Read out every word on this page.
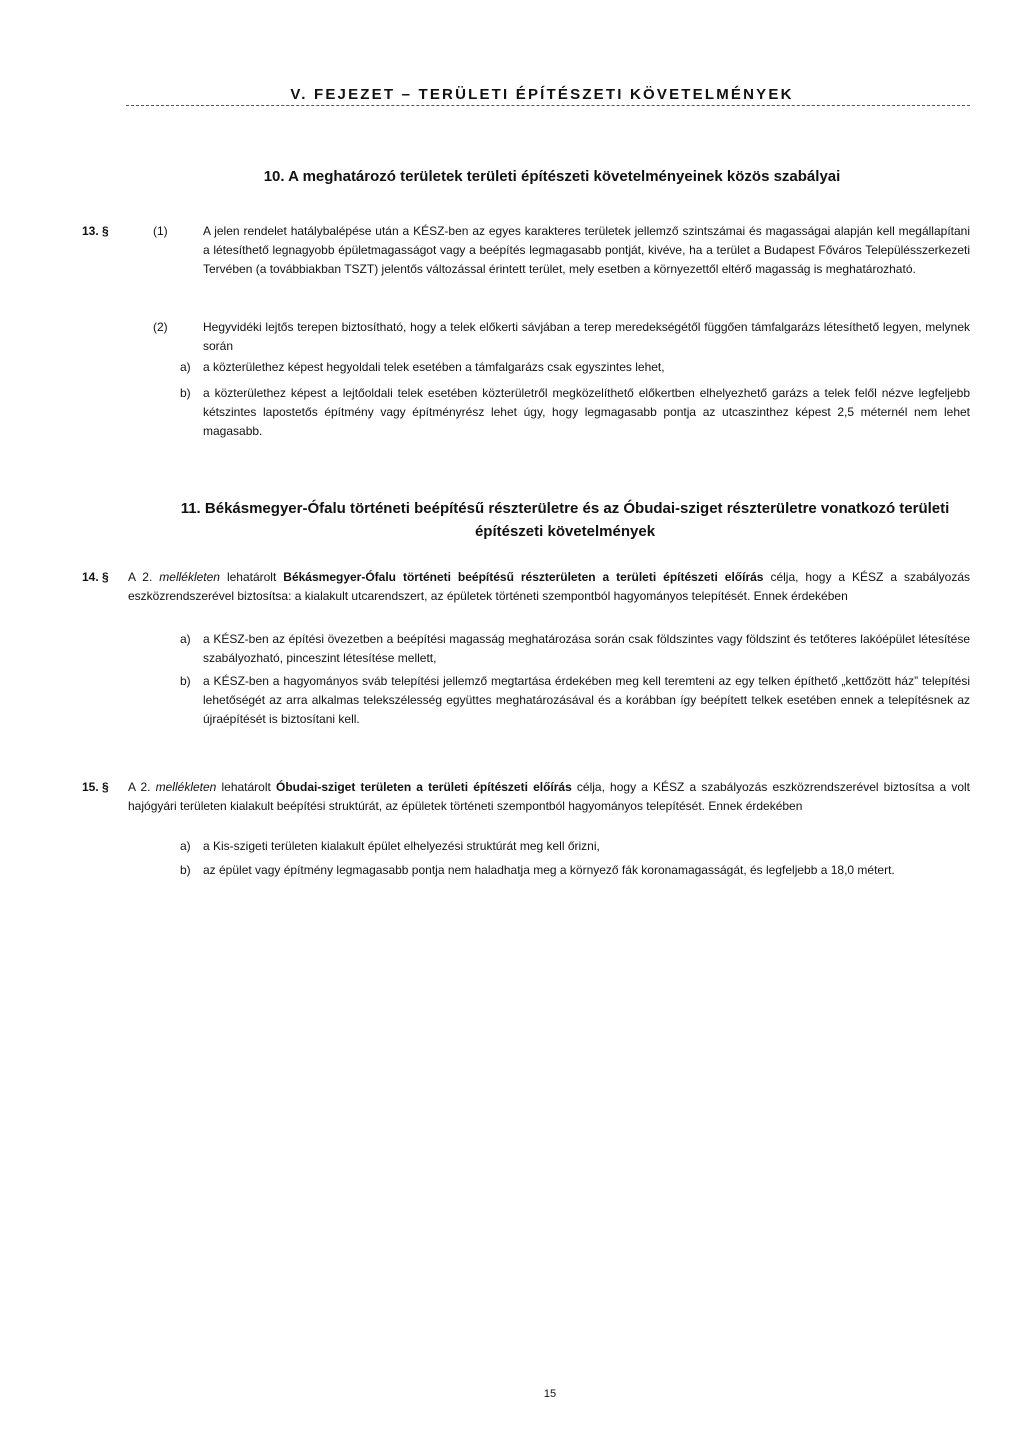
V. FEJEZET – TERÜLETI ÉPÍTÉSZETI KÖVETELMÉNYEK
10. A meghatározó területek területi építészeti követelményeinek közös szabályai
13. §	(1)	A jelen rendelet hatálybalépése után a KÉSZ-ben az egyes karakteres területek jellemző szintszámai és magasságai alapján kell megállapítani a létesíthető legnagyobb épületmagasságot vagy a beépítés legmagasabb pontját, kivéve, ha a terület a Budapest Főváros Településszerkezeti Tervében (a továbbiakban TSZT) jelentős változással érintett terület, mely esetben a környezettől eltérő magasság is meghatározható.
(2)	Hegyvidéki lejtős terepen biztosítható, hogy a telek előkerti sávjában a terep meredekségétől függően támfalgarázs létesíthető legyen, melynek során
a) a közterülethez képest hegyoldali telek esetében a támfalgarázs csak egyszintes lehet,
b) a közterülethez képest a lejtőoldali telek esetében közterületről megközelíthető előkertben elhelyezhető garázs a telek felől nézve legfeljebb kétszintes lapostetős építmény vagy építményrész lehet úgy, hogy legmagasabb pontja az utcaszinthez képest 2,5 méternél nem lehet magasabb.
11. Békásmegyer-Ófalu történeti beépítésű részterületre és az Óbudai-sziget részterületre vonatkozó területi építészeti követelmények
14. § A 2. mellékleten lehatárolt Békásmegyer-Ófalu történeti beépítésű részterületen a területi építészeti előírás célja, hogy a KÉSZ a szabályozás eszközrendszerével biztosítsa: a kialakult utcarendszert, az épületek történeti szempontból hagyományos telepítését. Ennek érdekében
a) a KÉSZ-ben az építési övezetben a beépítési magasság meghatározása során csak földszintes vagy földszint és tetőteres lakóépület létesítése szabályozható, pinceszint létesítése mellett,
b) a KÉSZ-ben a hagyományos sváb telepítési jellemző megtartása érdekében meg kell teremteni az egy telken építhető „kettőzött ház” telepítési lehetőségét az arra alkalmas telekszélesség együttes meghatározásával és a korábban így beépített telkek esetében ennek a telepítésnek az újraépítését is biztosítani kell.
15. § A 2. mellékleten lehatárolt Óbudai-sziget területen a területi építészeti előírás célja, hogy a KÉSZ a szabályozás eszközrendszerével biztosítsa a volt hajógyári területen kialakult beépítési struktúrát, az épületek történeti szempontból hagyományos telepítését. Ennek érdekében
a) a Kis-szigeti területen kialakult épület elhelyezési struktúrát meg kell őrizni,
b) az épület vagy építmény legmagasabb pontja nem haladhatja meg a környező fák koronamagasságát, és legfeljebb a 18,0 métert.
15
